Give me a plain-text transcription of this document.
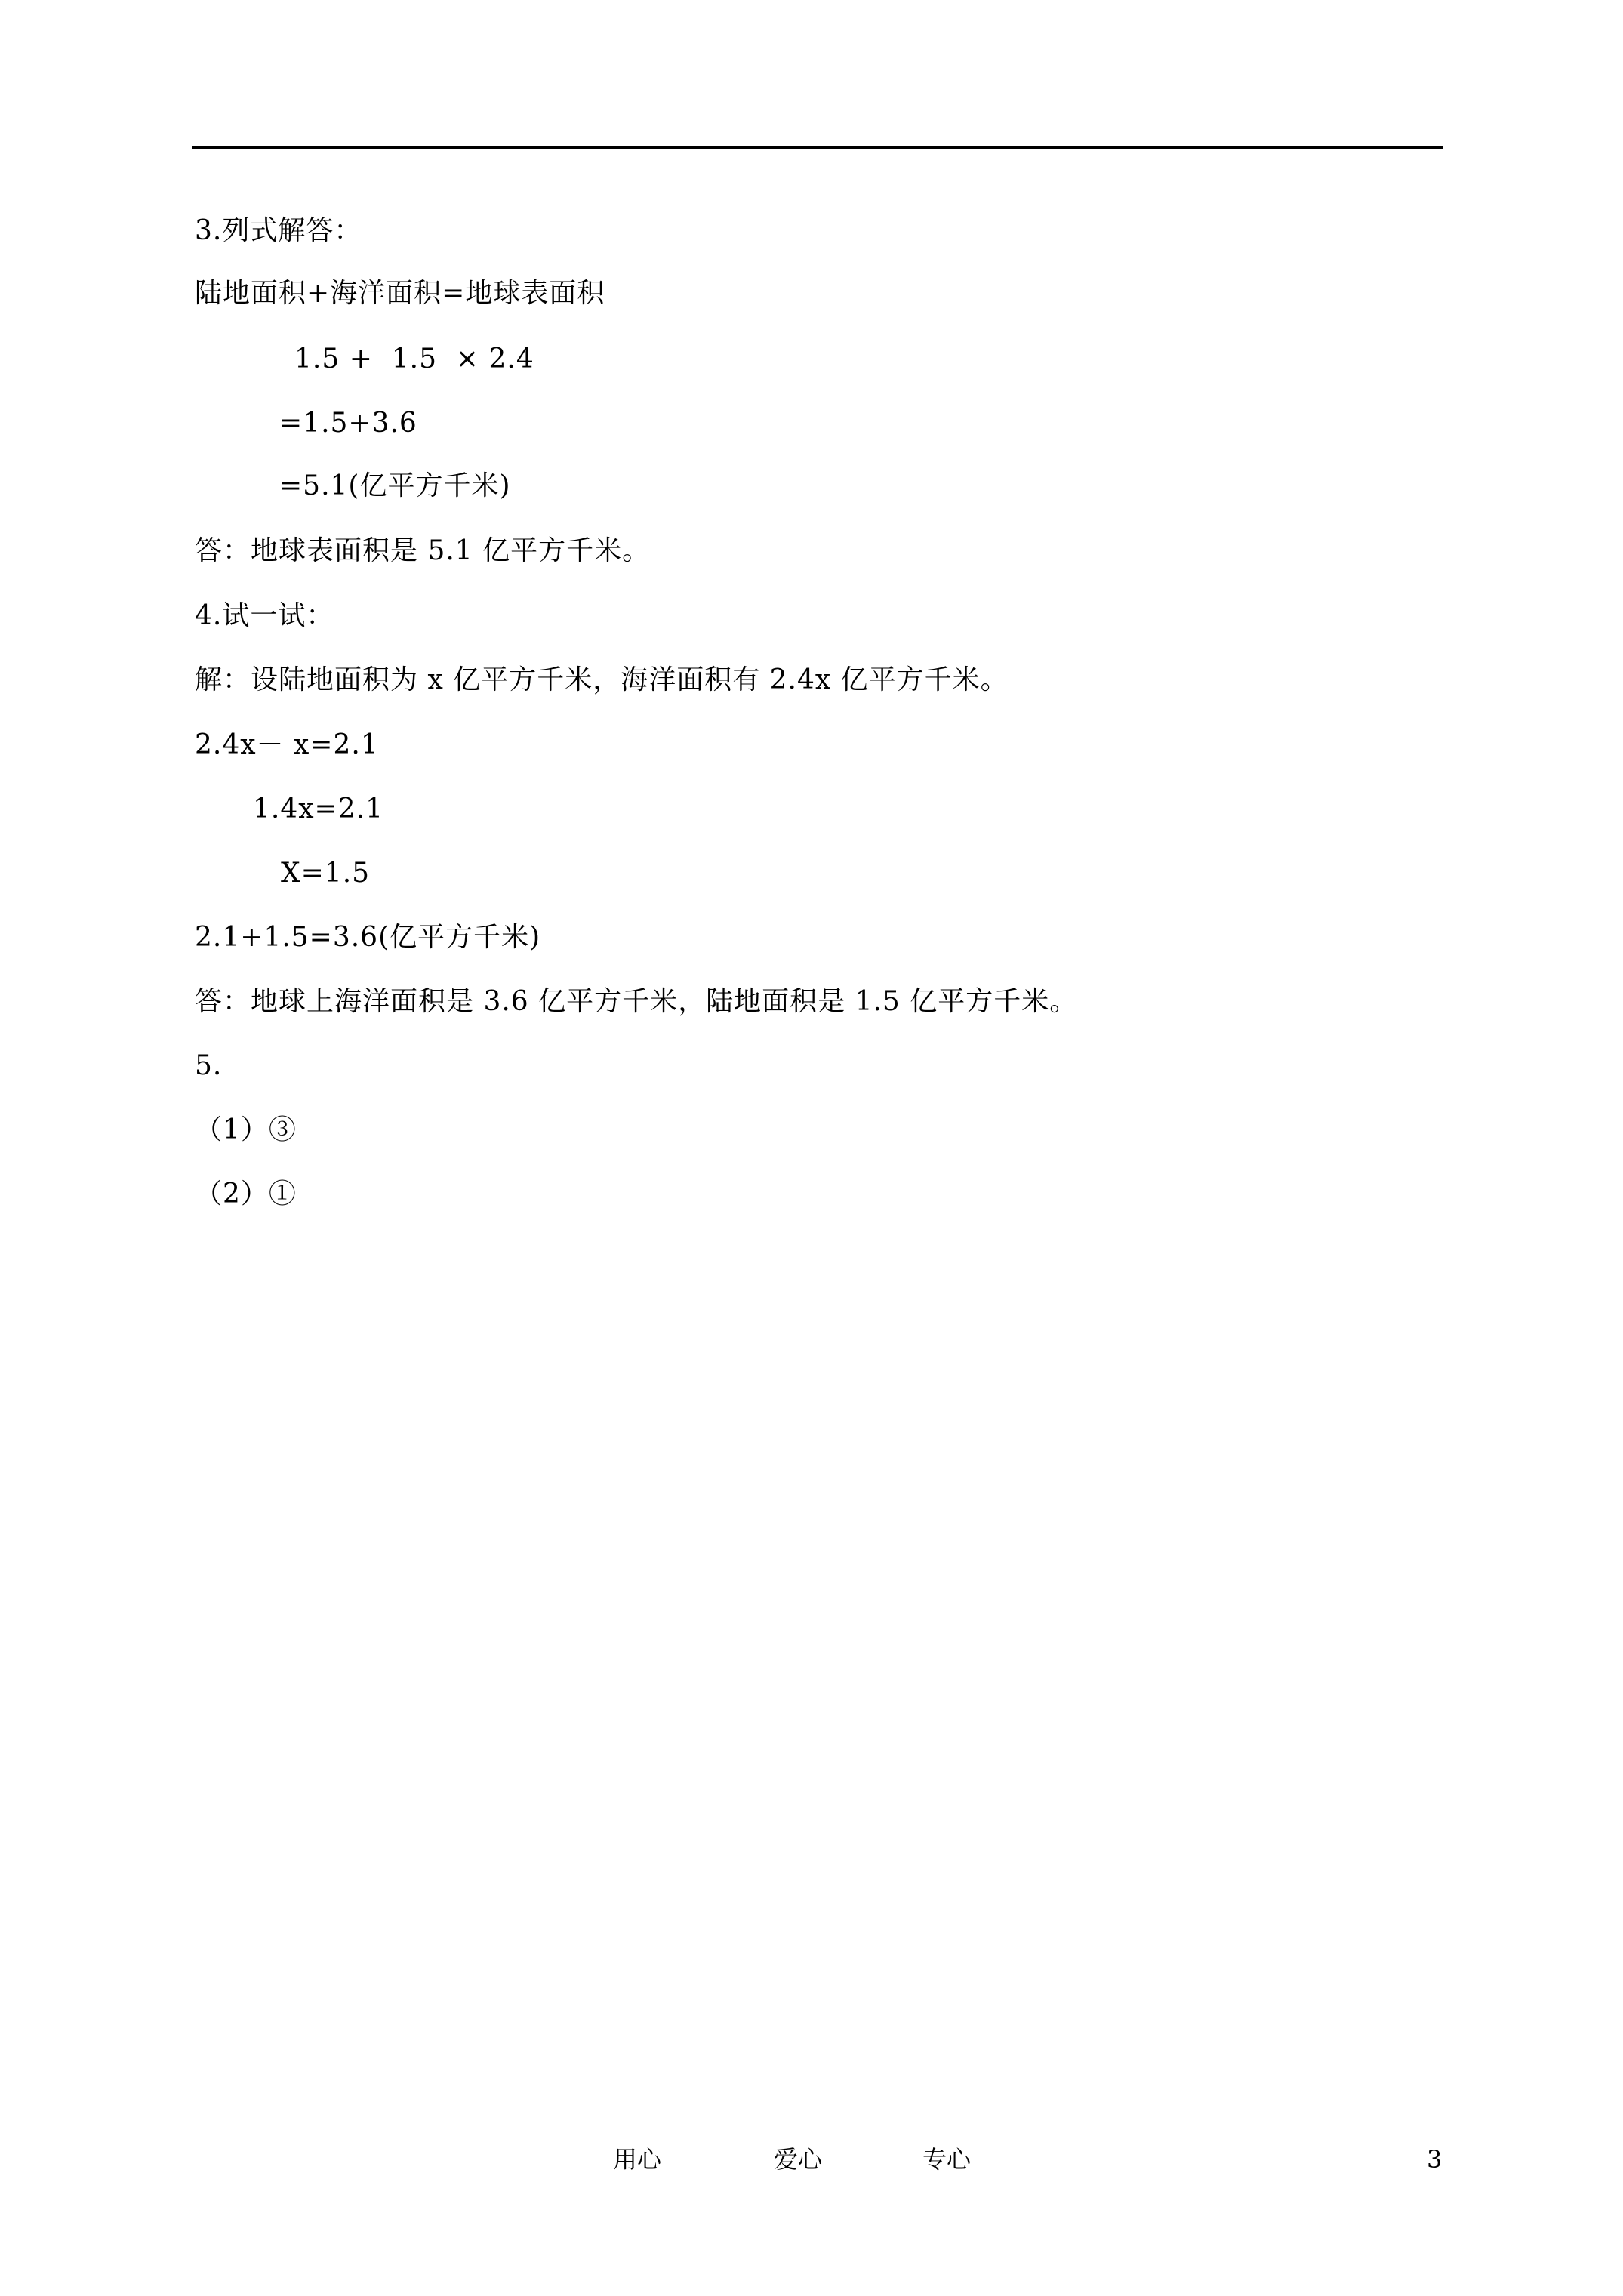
3.列式解答：
陆地面积+海洋面积=地球表面积
1.5 +  1.5  × 2.4
=1.5+3.6
=5.1(亿平方千米)
答：地球表面积是 5.1 亿平方千米。
4.试一试：
解：设陆地面积为 x 亿平方千米，海洋面积有 2.4x 亿平方千米。
2.4x－ x=2.1
1.4x=2.1
X=1.5
2.1+1.5=3.6(亿平方千米)
答：地球上海洋面积是 3.6 亿平方千米，陆地面积是 1.5 亿平方千米。
5.
（1）③
（2）①
用心	爱心	专心	3
